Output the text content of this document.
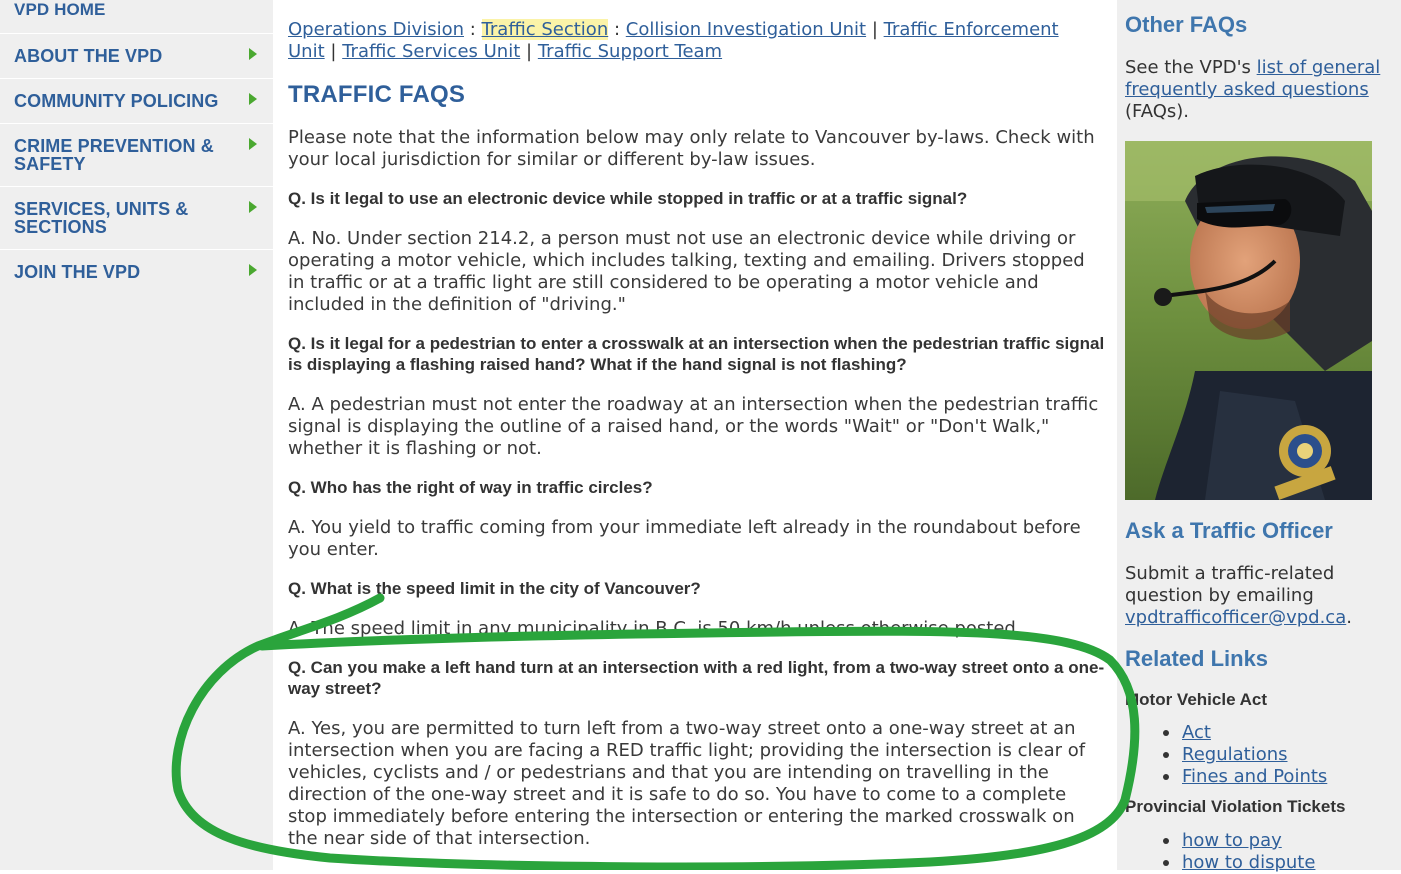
VPD HOME
ABOUT THE VPD
COMMUNITY POLICING
CRIME PREVENTION &
SAFETY
SERVICES, UNITS &
SECTIONS
JOIN THE VPD
Operations Division : Traffic Section : Collision Investigation Unit | Traffic Enforcement
Unit | Traffic Services Unit | Traffic Support Team
TRAFFIC FAQS
Please note that the information below may only relate to Vancouver by-laws. Check with your local jurisdiction for similar or different by-law issues.
Q. Is it legal to use an electronic device while stopped in traffic or at a traffic signal?
A. No. Under section 214.2, a person must not use an electronic device while driving or operating a motor vehicle, which includes talking, texting and emailing. Drivers stopped in traffic or at a traffic light are still considered to be operating a motor vehicle and included in the definition of "driving."
Q. Is it legal for a pedestrian to enter a crosswalk at an intersection when the pedestrian traffic signal is displaying a flashing raised hand? What if the hand signal is not flashing?
A. A pedestrian must not enter the roadway at an intersection when the pedestrian traffic signal is displaying the outline of a raised hand, or the words "Wait" or "Don't Walk," whether it is flashing or not.
Q. Who has the right of way in traffic circles?
A. You yield to traffic coming from your immediate left already in the roundabout before you enter.
Q. What is the speed limit in the city of Vancouver?
A. The speed limit in any municipality in B.C. is 50 km/h unless otherwise posted.
Q. Can you make a left hand turn at an intersection with a red light, from a two-way street onto a one-way street?
A. Yes, you are permitted to turn left from a two-way street onto a one-way street at an intersection when you are facing a RED traffic light; providing the intersection is clear of vehicles, cyclists and / or pedestrians and that you are intending on travelling in the direction of the one-way street and it is safe to do so. You have to come to a complete stop immediately before entering the intersection or entering the marked crosswalk on the near side of that intersection.
Other FAQs
See the VPD's list of general frequently asked questions (FAQs).
Ask a Traffic Officer
Submit a traffic-related question by emailing vpdtrafficofficer@vpd.ca.
Related Links
Motor Vehicle Act
Act
Regulations
Fines and Points
Provincial Violation Tickets
how to pay
how to dispute
